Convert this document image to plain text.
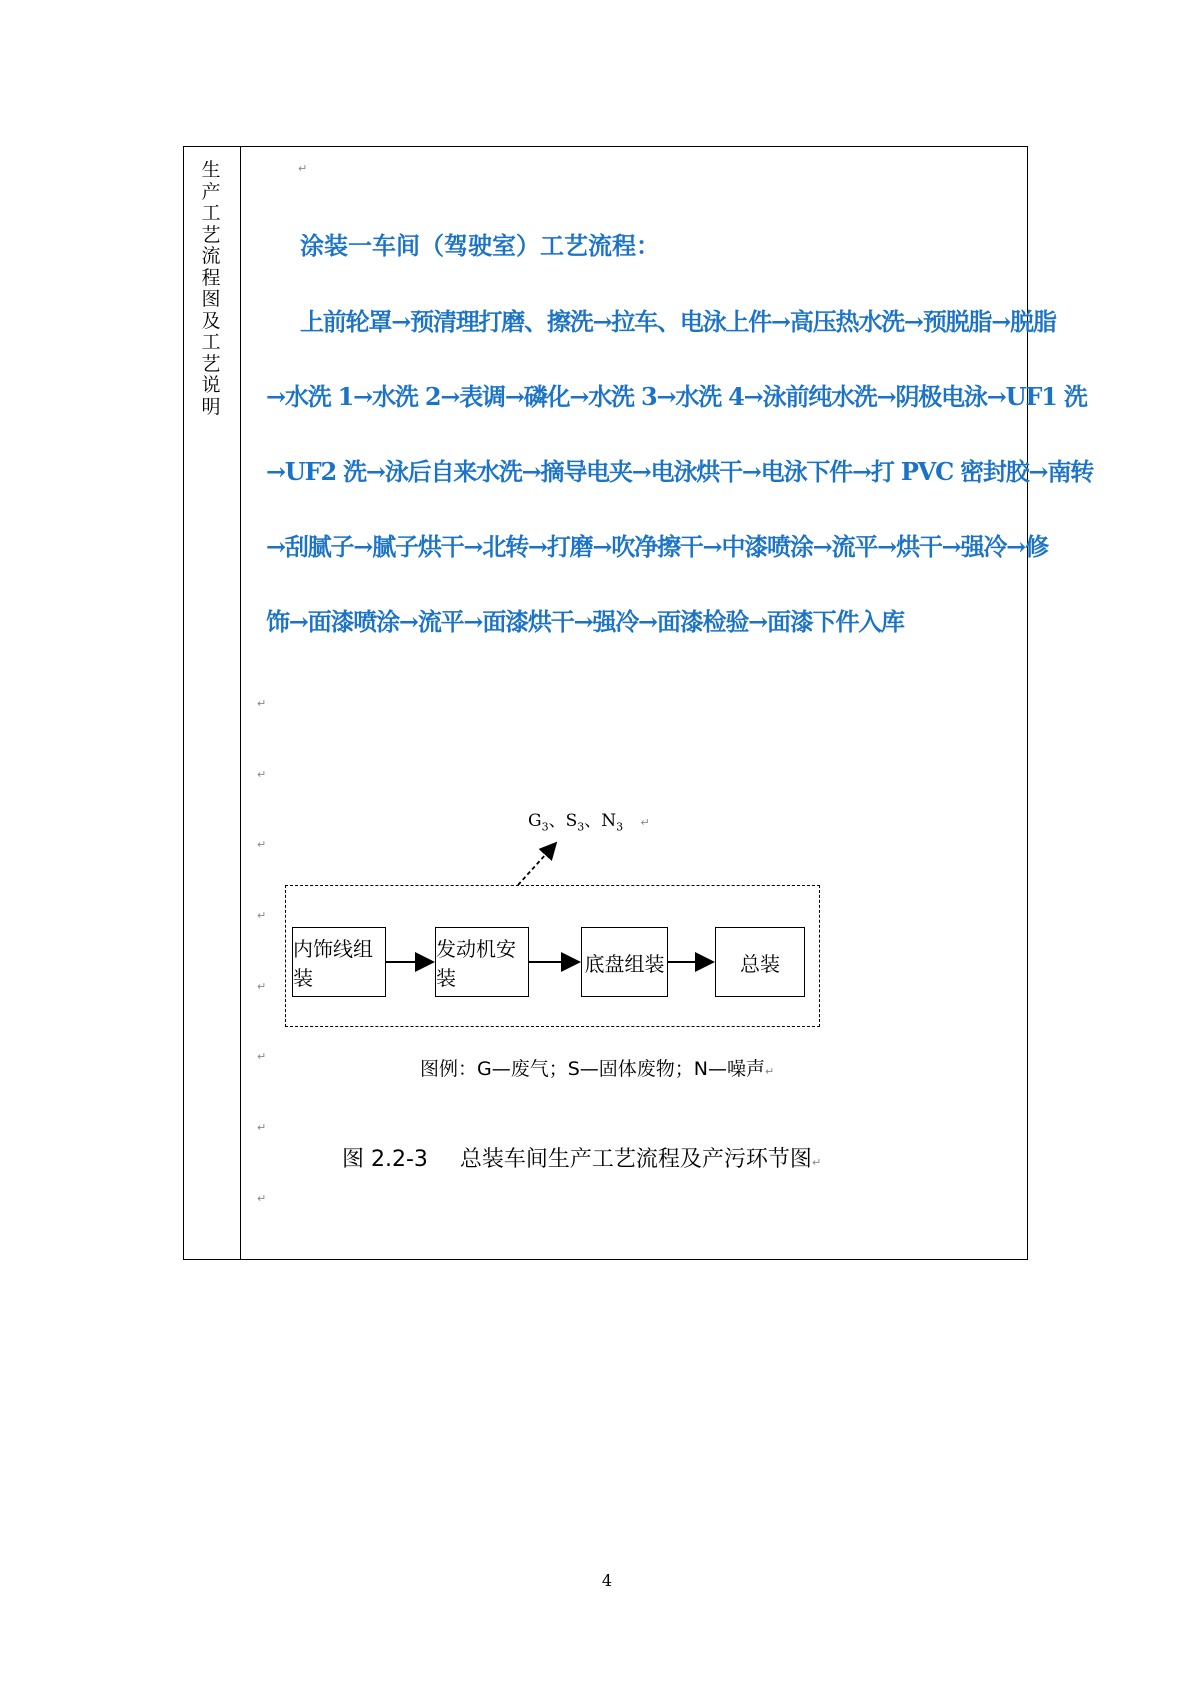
生产工艺流程图及工艺说明
↵
涂装一车间（驾驶室）工艺流程：
上前轮罩→预清理打磨、擦洗→拉车、电泳上件→高压热水洗→预脱脂→脱脂
→水洗 1→水洗 2→表调→磷化→水洗 3→水洗 4→泳前纯水洗→阴极电泳→UF1 洗
→UF2 洗→泳后自来水洗→摘导电夹→电泳烘干→电泳下件→打 PVC 密封胶→南转
→刮腻子→腻子烘干→北转→打磨→吹净擦干→中漆喷涂→流平→烘干→强冷→修
饰→面漆喷涂→流平→面漆烘干→强冷→面漆检验→面漆下件入库
↵
↵
↵
↵
↵
↵
↵
↵
$G_3$、$S_3$、$N_3$ ↵
内饰线组装
发动机安装
底盘组装	总装
图例：G—废气；S—固体废物；N—噪声↵
图 2.2-3 总装车间生产工艺流程及产污环节图↵
4
